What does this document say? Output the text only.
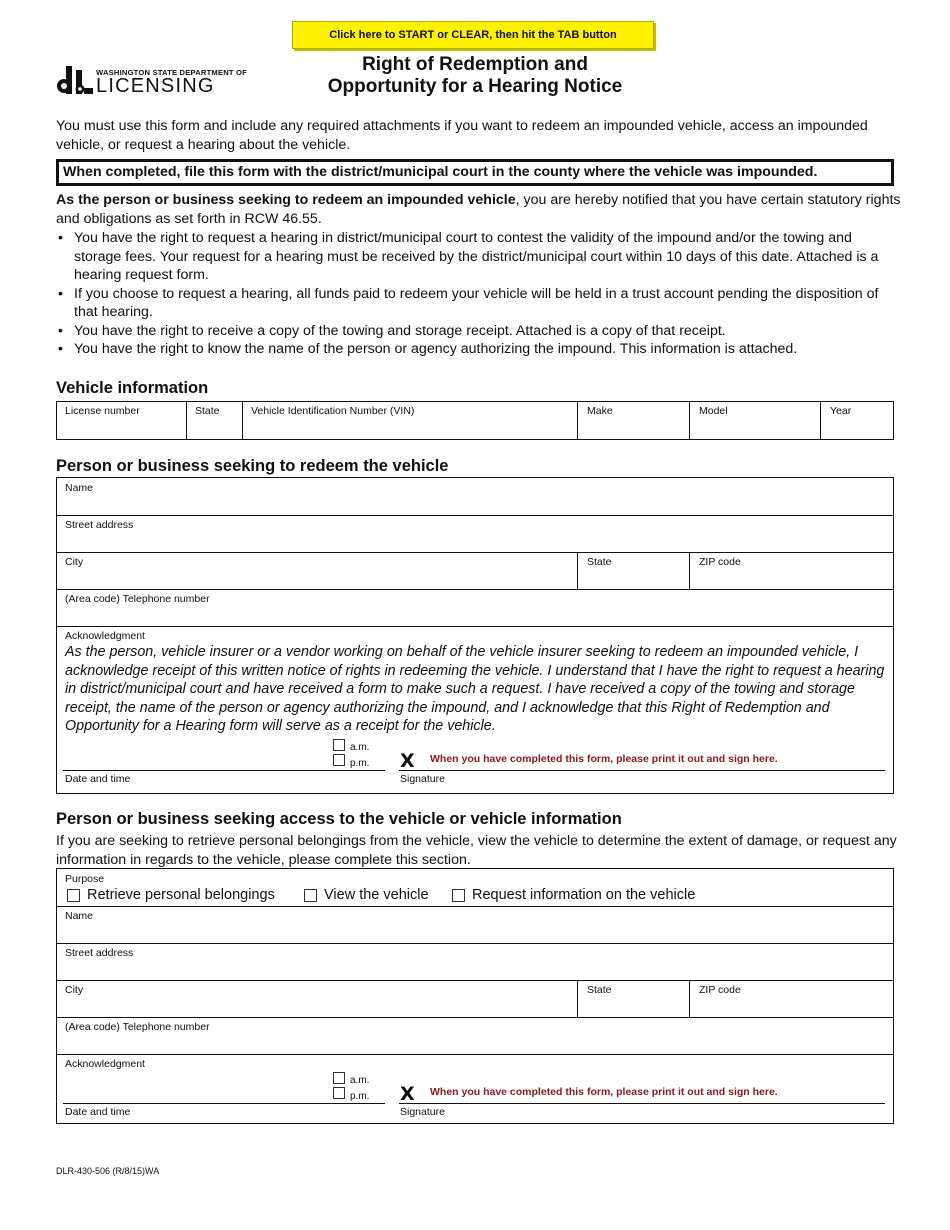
Click here to START or CLEAR, then hit the TAB button
WASHINGTON STATE DEPARTMENT OF
LICENSING
Right of Redemption and
Opportunity for a Hearing Notice
You must use this form and include any required attachments if you want to redeem an impounded vehicle, access an impounded vehicle, or request a hearing about the vehicle.
When completed, file this form with the district/municipal court in the county where the vehicle was impounded.
As the person or business seeking to redeem an impounded vehicle, you are hereby notified that you have certain statutory rights and obligations as set forth in RCW 46.55.
• You have the right to request a hearing in district/municipal court to contest the validity of the impound and/or the towing and storage fees. Your request for a hearing must be received by the district/municipal court within 10 days of this date. Attached is a hearing request form.
• If you choose to request a hearing, all funds paid to redeem your vehicle will be held in a trust account pending the disposition of that hearing.
• You have the right to receive a copy of the towing and storage receipt. Attached is a copy of that receipt.
• You have the right to know the name of the person or agency authorizing the impound. This information is attached.
Vehicle information
License number	State	Vehicle Identification Number (VIN)	Make	Model	Year
Person or business seeking to redeem the vehicle
Name
Street address
City	State	ZIP code
(Area code) Telephone number
Acknowledgment
As the person, vehicle insurer or a vendor working on behalf of the vehicle insurer seeking to redeem an impounded vehicle, I acknowledge receipt of this written notice of rights in redeeming the vehicle. I understand that I have the right to request a hearing in district/municipal court and have received a form to make such a request. I have received a copy of the towing and storage receipt, the name of the person or agency authorizing the impound, and I acknowledge that this Right of Redemption and Opportunity for a Hearing form will serve as a receipt for the vehicle.
a.m.
p.m. X When you have completed this form, please print it out and sign here.
Date and time	Signature
Person or business seeking access to the vehicle or vehicle information
If you are seeking to retrieve personal belongings from the vehicle, view the vehicle to determine the extent of damage, or request any information in regards to the vehicle, please complete this section.
Purpose
Retrieve personal belongings	View the vehicle	Request information on the vehicle
Name
Street address
City	State	ZIP code
(Area code) Telephone number
Acknowledgment
a.m.
p.m. X When you have completed this form, please print it out and sign here.
Date and time	Signature
DLR-430-506 (R/8/15)WA
